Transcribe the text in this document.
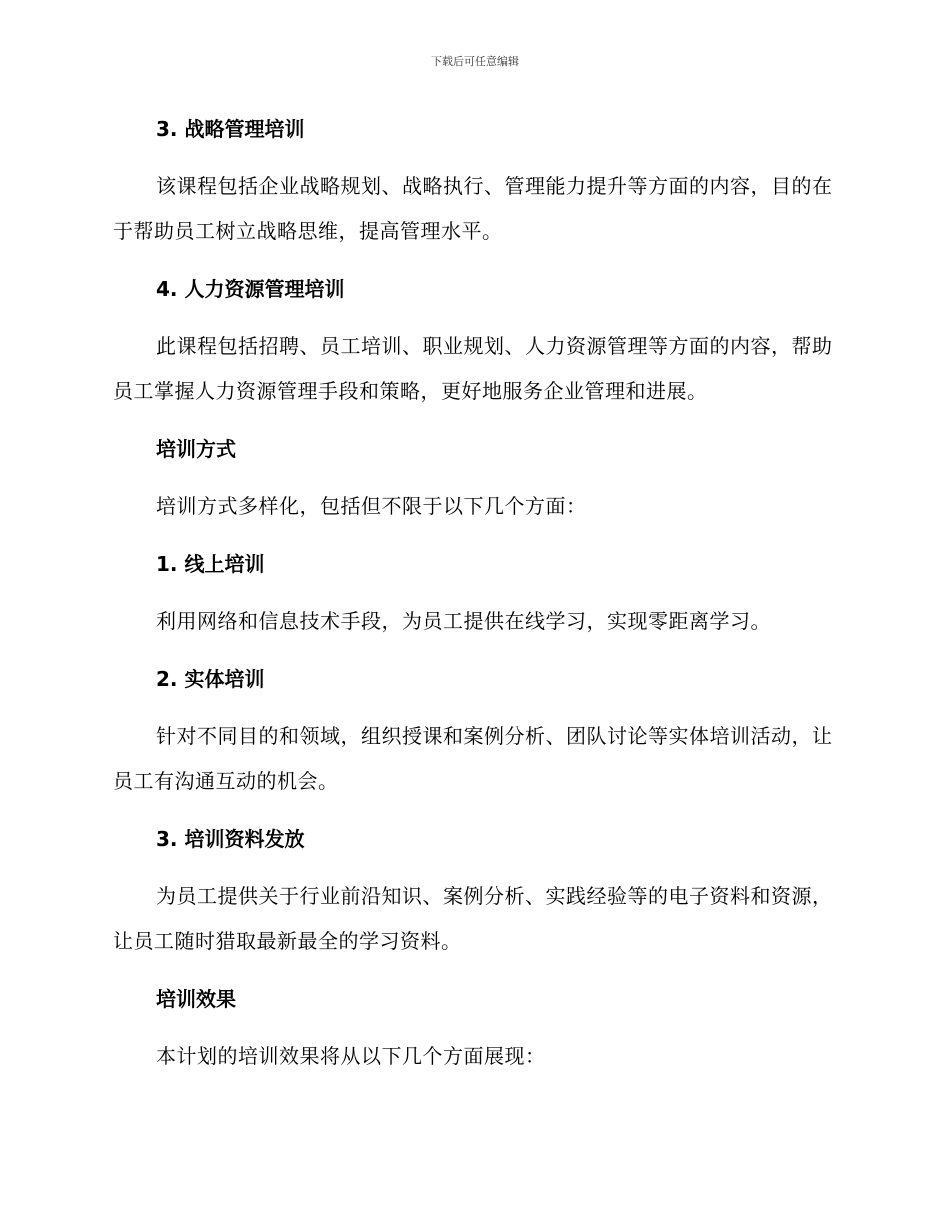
下载后可任意编辑
3. 战略管理培训
该课程包括企业战略规划、战略执行、管理能力提升等方面的内容，目的在于帮助员工树立战略思维，提高管理水平。
4. 人力资源管理培训
此课程包括招聘、员工培训、职业规划、人力资源管理等方面的内容，帮助员工掌握人力资源管理手段和策略，更好地服务企业管理和进展。
培训方式
培训方式多样化，包括但不限于以下几个方面：
1. 线上培训
利用网络和信息技术手段，为员工提供在线学习，实现零距离学习。
2. 实体培训
针对不同目的和领域，组织授课和案例分析、团队讨论等实体培训活动，让员工有沟通互动的机会。
3. 培训资料发放
为员工提供关于行业前沿知识、案例分析、实践经验等的电子资料和资源，让员工随时猎取最新最全的学习资料。
培训效果
本计划的培训效果将从以下几个方面展现：
